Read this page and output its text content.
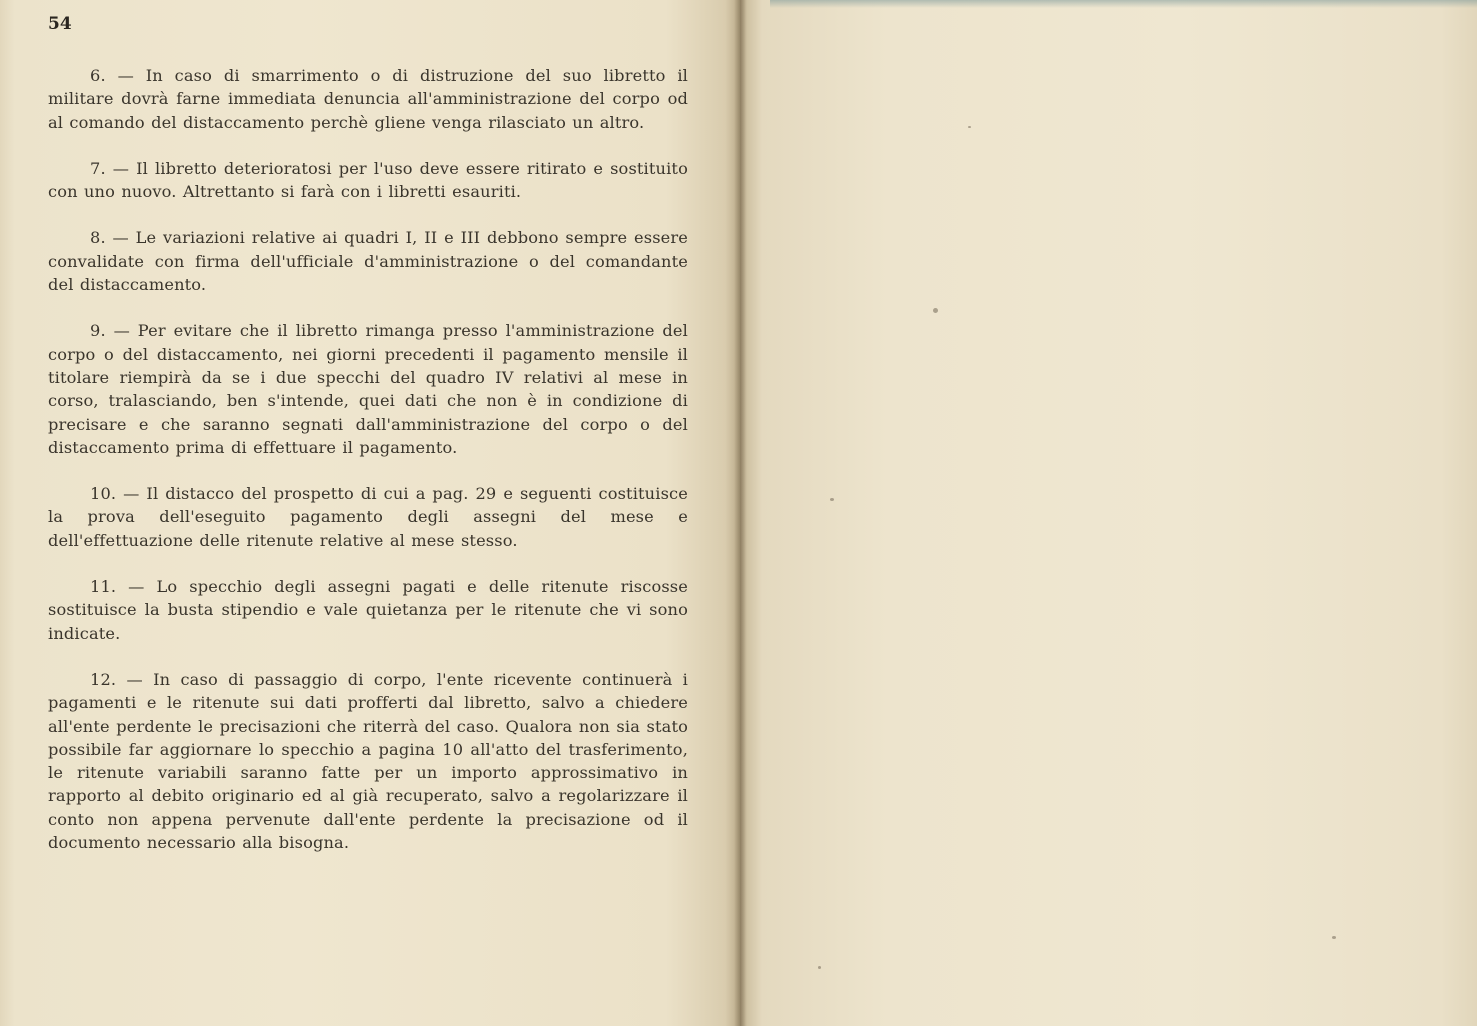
54

6. — In caso di smarrimento o di distruzione del suo libretto il militare dovrà farne immediata denuncia all'amministrazione del corpo od al comando del distaccamento perchè gliene venga rilasciato un altro.

7. — Il libretto deterioratosi per l'uso deve essere ritirato e sostituito con uno nuovo. Altrettanto si farà con i libretti esauriti.

8. — Le variazioni relative ai quadri I, II e III debbono sempre essere convalidate con firma dell'ufficiale d'amministrazione o del comandante del distaccamento.

9. — Per evitare che il libretto rimanga presso l'amministrazione del corpo o del distaccamento, nei giorni precedenti il pagamento mensile il titolare riempirà da se i due specchi del quadro IV relativi al mese in corso, tralasciando, ben s'intende, quei dati che non è in condizione di precisare e che saranno segnati dall'amministrazione del corpo o del distaccamento prima di effettuare il pagamento.

10. — Il distacco del prospetto di cui a pag. 29 e seguenti costituisce la prova dell'eseguito pagamento degli assegni del mese e dell'effettuazione delle ritenute relative al mese stesso.

11. — Lo specchio degli assegni pagati e delle ritenute riscosse sostituisce la busta stipendio e vale quietanza per le ritenute che vi sono indicate.

12. — In caso di passaggio di corpo, l'ente ricevente continuerà i pagamenti e le ritenute sui dati profferti dal libretto, salvo a chiedere all'ente perdente le precisazioni che riterrà del caso. Qualora non sia stato possibile far aggiornare lo specchio a pagina 10 all'atto del trasferimento, le ritenute variabili saranno fatte per un importo approssimativo in rapporto al debito originario ed al già recuperato, salvo a regolarizzare il conto non appena pervenute dall'ente perdente la precisazione od il documento necessario alla bisogna.
